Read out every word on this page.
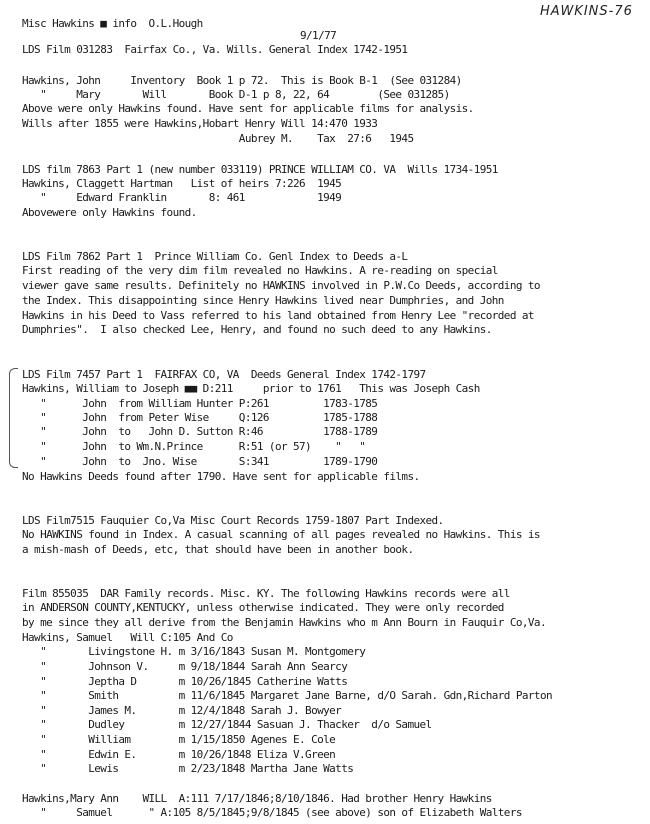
HAWKINS-76
Misc Hawkins ■ info  O.L.Hough
9/1/77
LDS Film 031283  Fairfax Co., Va. Wills. General Index 1742-1951
Hawkins, John     Inventory  Book 1 p 72.  This is Book B-1  (See 031284)
"     Mary       Will       Book D-1 p 8, 22, 64        (See 031285)
Above were only Hawkins found. Have sent for applicable films for analysis.
Wills after 1855 were Hawkins,Hobart Henry Will 14:470 1933
Aubrey M.    Tax  27:6   1945
LDS film 7863 Part 1 (new number 033119) PRINCE WILLIAM CO. VA  Wills 1734-1951
Hawkins, Claggett Hartman   List of heirs 7:226  1945
"     Edward Franklin       8: 461            1949
Abovewere only Hawkins found.
LDS Film 7862 Part 1  Prince William Co. Genl Index to Deeds a-L
First reading of the very dim film revealed no Hawkins. A re-reading on special
viewer gave same results. Definitely no HAWKINS involved in P.W.Co Deeds, according to
the Index. This disappointing since Henry Hawkins lived near Dumphries, and John
Hawkins in his Deed to Vass referred to his land obtained from Henry Lee "recorded at
Dumphries".  I also checked Lee, Henry, and found no such deed to any Hawkins.
LDS Film 7457 Part 1  FAIRFAX CO, VA  Deeds General Index 1742-1797
Hawkins, William to Joseph ■■ D:211     prior to 1761   This was Joseph Cash
"      John  from William Hunter P:261         1783-1785
"      John  from Peter Wise     Q:126         1785-1788
"      John  to   John D. Sutton R:46          1788-1789
"      John  to Wm.N.Prince      R:51 (or 57)    "   "
"      John  to  Jno. Wise       S:341         1789-1790
No Hawkins Deeds found after 1790. Have sent for applicable films.
LDS Film7515 Fauquier Co,Va Misc Court Records 1759-1807 Part Indexed.
No HAWKINS found in Index. A casual scanning of all pages revealed no Hawkins. This is
a mish-mash of Deeds, etc, that should have been in another book.
Film 855035  DAR Family records. Misc. KY. The following Hawkins records were all
in ANDERSON COUNTY,KENTUCKY, unless otherwise indicated. They were only recorded
by me since they all derive from the Benjamin Hawkins who m Ann Bourn in Fauquir Co,Va.
Hawkins, Samuel   Will C:105 And Co
"       Livingstone H. m 3/16/1843 Susan M. Montgomery
"       Johnson V.     m 9/18/1844 Sarah Ann Searcy
"       Jeptha D       m 10/26/1845 Catherine Watts
"       Smith          m 11/6/1845 Margaret Jane Barne, d/O Sarah. Gdn,Richard Parton
"       James M.       m 12/4/1848 Sarah J. Bowyer
"       Dudley         m 12/27/1844 Sasuan J. Thacker  d/o Samuel
"       William        m 1/15/1850 Agenes E. Cole
"       Edwin E.       m 10/26/1848 Eliza V.Green
"       Lewis          m 2/23/1848 Martha Jane Watts
Hawkins,Mary Ann    WILL  A:111 7/17/1846;8/10/1846. Had brother Henry Hawkins
"     Samuel      " A:105 8/5/1845;9/8/1845 (see above) son of Elizabeth Walters
